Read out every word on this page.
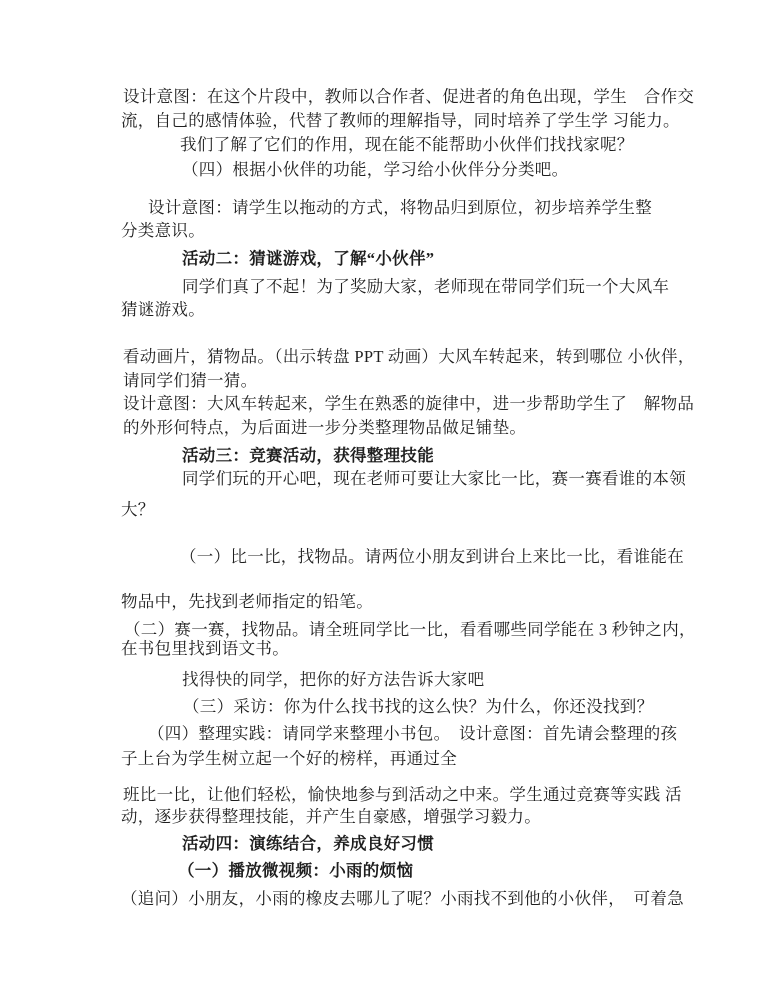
设计意图：在这个片段中，教师以合作者、促进者的角色出现，学生　合作交
流，自己的感情体验，代替了教师的理解指导，同时培养了学生学 习能力。
我们了解了它们的作用，现在能不能帮助小伙伴们找找家呢？
（四）根据小伙伴的功能，学习给小伙伴分分类吧。
设计意图：请学生以拖动的方式，将物品归到原位，初步培养学生整
分类意识。
活动二：猜谜游戏，了解“小伙伴”
同学们真了不起！为了奖励大家，老师现在带同学们玩一个大风车
猜谜游戏。
看动画片，猜物品。（出示转盘 PPT 动画）大风车转起来，转到哪位 小伙伴，
请同学们猜一猜。
设计意图：大风车转起来，学生在熟悉的旋律中，进一步帮助学生了　解物品
的外形何特点，为后面进一步分类整理物品做足铺垫。
活动三：竞赛活动，获得整理技能
同学们玩的开心吧，现在老师可要让大家比一比，赛一赛看谁的本领
大？
（一）比一比，找物品。请两位小朋友到讲台上来比一比，看谁能在
物品中，先找到老师指定的铅笔。
（二）赛一赛，找物品。请全班同学比一比，看看哪些同学能在 3 秒钟之内，
在书包里找到语文书。
找得快的同学，把你的好方法告诉大家吧
（三）采访：你为什么找书找的这么快？为什么，你还没找到？
（四）整理实践：请同学来整理小书包。　设计意图：首先请会整理的孩
子上台为学生树立起一个好的榜样，再通过全
班比一比，让他们轻松，愉快地参与到活动之中来。学生通过竞赛等实践 活
动，逐步获得整理技能，并产生自豪感，增强学习毅力。
活动四：演练结合，养成良好习惯
（一）播放微视频：小雨的烦恼
（追问）小朋友，小雨的橡皮去哪儿了呢？小雨找不到他的小伙伴，　可着急
